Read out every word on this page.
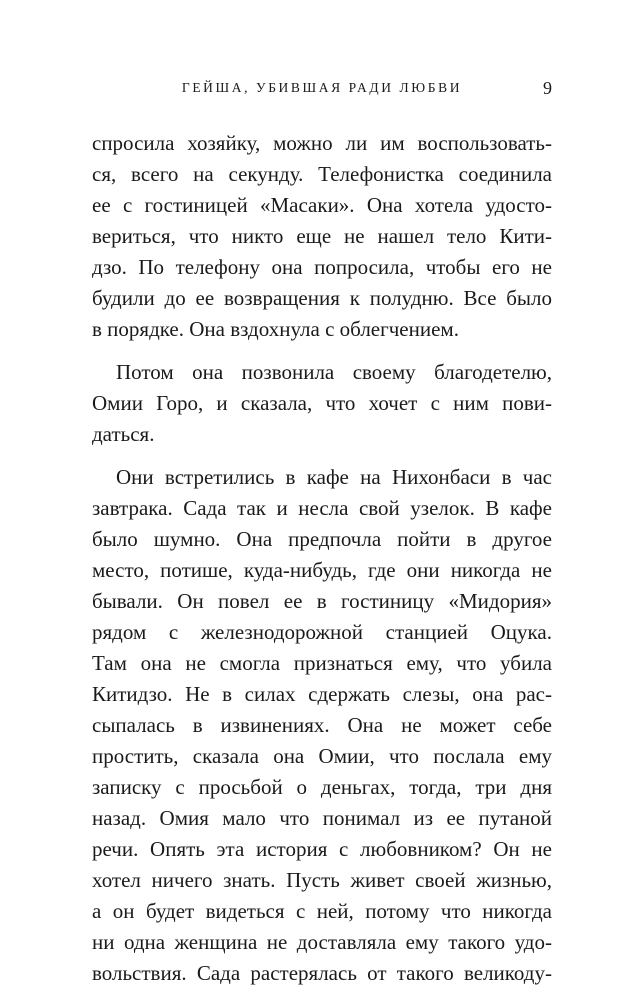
ГЕЙША, УБИВШАЯ РАДИ ЛЮБВИ	9
спросила хозяйку, можно ли им воспользовать-
ся, всего на секунду. Телефонистка соединила
ее с гостиницей «Масаки». Она хотела удосто-
вериться, что никто еще не нашел тело Кити-
дзо. По телефону она попросила, чтобы его не
будили до ее возвращения к полудню. Все было
в порядке. Она вздохнула с облегчением.
Потом она позвонила своему благодетелю,
Омии Горо, и сказала, что хочет с ним пови-
даться.
Они встретились в кафе на Нихонбаси в час
завтрака. Сада так и несла свой узелок. В кафе
было шумно. Она предпочла пойти в другое
место, потише, куда-нибудь, где они никогда не
бывали. Он повел ее в гостиницу «Мидория»
рядом с железнодорожной станцией Оцука.
Там она не смогла признаться ему, что убила
Китидзо. Не в силах сдержать слезы, она рас-
сыпалась в извинениях. Она не может себе
простить, сказала она Омии, что послала ему
записку с просьбой о деньгах, тогда, три дня
назад. Омия мало что понимал из ее путаной
речи. Опять эта история с любовником? Он не
хотел ничего знать. Пусть живет своей жизнью,
а он будет видеться с ней, потому что никогда
ни одна женщина не доставляла ему такого удо-
вольствия. Сада растерялась от такого великоду-
